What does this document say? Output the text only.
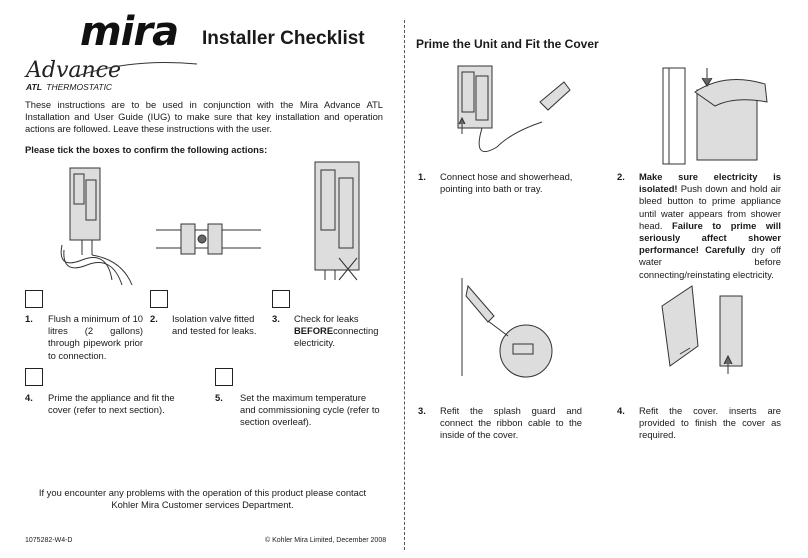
mira
Advance
ATL THERMOSTATIC
Installer Checklist
These instructions are to be used in conjunction with the Mira Advance ATL Installation and User Guide (IUG) to make sure that key installation and operation actions are followed. Leave these instructions with the user.
Please tick the boxes to confirm the following actions:
1. Flush a minimum of 10 litres (2 gallons) through pipework prior to connection.
2. Isolation valve fitted and tested for leaks.
3. Check for leaks BEFOREconnecting electricity.
4. Prime the appliance and fit the cover (refer to next section).
5. Set the maximum temperature and commissioning cycle (refer to section overleaf).
If you encounter any problems with the operation of this product please contact Kohler Mira Customer services Department.
1075282-W4-D	© Kohler Mira Limited, December 2008
Prime the Unit and Fit the Cover
1. Connect hose and showerhead, pointing into bath or tray.
2. Make sure electricity is isolated! Push down and hold air bleed button to prime appliance until water appears from shower head. Failure to prime will seriously affect shower performance! Carefully dry off water before connecting/reinstating electricity.
3. Refit the splash guard and connect the ribbon cable to the inside of the cover.
4. Refit the cover. inserts are provided to finish the cover as required.
